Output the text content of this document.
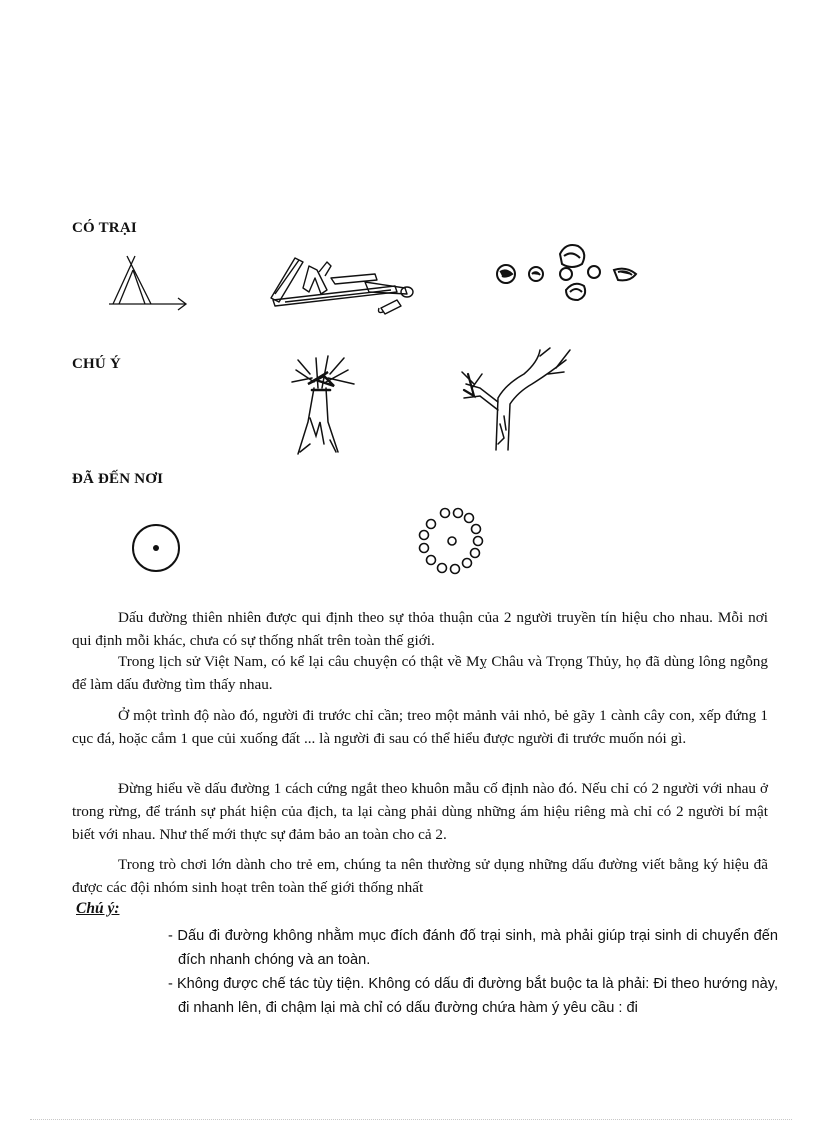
CÓ TRẠI
CHÚ Ý
ĐÃ ĐẾN NƠI

Dấu đường thiên nhiên được qui định theo sự thỏa thuận của 2 người truyền tín hiệu cho nhau. Mỗi nơi qui định mỗi khác, chưa có sự thống nhất trên toàn thế giới.

Trong lịch sử Việt Nam, có kể lại câu chuyện có thật về Mỵ Châu và Trọng Thủy, họ đã dùng lông ngỗng để làm dấu đường tìm thấy nhau.

Ở một trình độ nào đó, người đi trước chỉ cần; treo một mảnh vải nhỏ, bẻ gãy 1 cành cây con, xếp đứng 1 cục đá, hoặc cắm 1 que củi xuống đất ... là người đi sau có thể hiểu được người đi trước muốn nói gì.

Đừng hiểu về dấu đường 1 cách cứng ngắt theo khuôn mẫu cố định nào đó. Nếu chỉ có 2 người với nhau ở trong rừng, để tránh sự phát hiện của địch, ta lại càng phải dùng những ám hiệu riêng mà chỉ có 2 người bí mật biết với nhau. Như thế mới thực sự đảm bảo an toàn cho cả 2.

Trong trò chơi lớn dành cho trẻ em, chúng ta nên thường sử dụng những dấu đường viết bằng ký hiệu đã được các đội nhóm sinh hoạt trên toàn thế giới thống nhất

Chú ý:

- Dấu đi đường không nhằm mục đích đánh đố trại sinh, mà phải giúp trại sinh di chuyển đến đích nhanh chóng và an toàn.

- Không được chế tác tùy tiện. Không có dấu đi đường bắt buộc ta là phải: Đi theo hướng này, đi nhanh lên, đi chậm lại mà chỉ có dấu đường chứa hàm ý yêu cầu : đi
